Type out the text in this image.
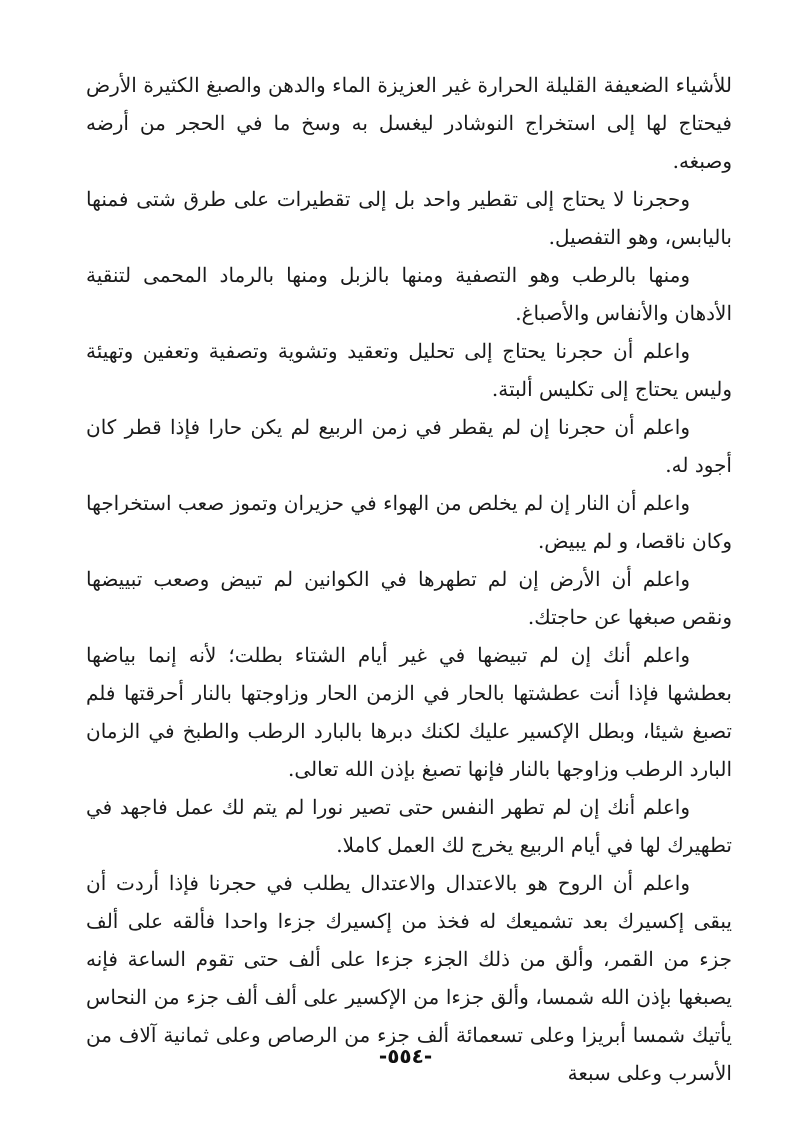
للأشياء الضعيفة القليلة الحرارة غير العزيزة الماء والدهن والصبغ الكثيرة الأرض فيحتاج لها إلى استخراج النوشادر ليغسل به وسخ ما في الحجر من أرضه وصبغه.

وحجرنا لا يحتاج إلى تقطير واحد بل إلى تقطيرات على طرق شتى فمنها باليابس، وهو التفصيل.

ومنها بالرطب وهو التصفية ومنها بالزبل ومنها بالرماد المحمى لتنقية الأدهان والأنفاس والأصباغ.

واعلم أن حجرنا يحتاج إلى تحليل وتعقيد وتشوية وتصفية وتعفين وتهيئة وليس يحتاج إلى تكليس ألبتة.

واعلم أن حجرنا إن لم يقطر في زمن الربيع لم يكن حارا فإذا قطر كان أجود له.

واعلم أن النار إن لم يخلص من الهواء في حزيران وتموز صعب استخراجها وكان ناقصا، و لم يبيض.

واعلم أن الأرض إن لم تطهرها في الكوانين لم تبيض وصعب تبييضها ونقص صبغها عن حاجتك.

واعلم أنك إن لم تبيضها في غير أيام الشتاء بطلت؛ لأنه إنما بياضها بعطشها فإذا أنت عطشتها بالحار في الزمن الحار وزاوجتها بالنار أحرقتها فلم تصبغ شيئا، وبطل الإكسير عليك لكنك دبرها بالبارد الرطب والطبخ في الزمان البارد الرطب وزاوجها بالنار فإنها تصبغ بإذن الله تعالى.

واعلم أنك إن لم تطهر النفس حتى تصير نورا لم يتم لك عمل فاجهد في تطهيرك لها في أيام الربيع يخرج لك العمل كاملا.

واعلم أن الروح هو بالاعتدال والاعتدال يطلب في حجرنا فإذا أردت أن يبقى إكسيرك بعد تشميعك له فخذ من إكسيرك جزءا واحدا فألقه على ألف جزء من القمر، وألق من ذلك الجزء جزءا على ألف حتى تقوم الساعة فإنه يصبغها بإذن الله شمسا، وألق جزءا من الإكسير على ألف ألف جزء من النحاس يأتيك شمسا أبريزا وعلى تسعمائة ألف جزء من الرصاص وعلى ثمانية آلاف من الأسرب وعلى سبعة

-٥٥٤-
